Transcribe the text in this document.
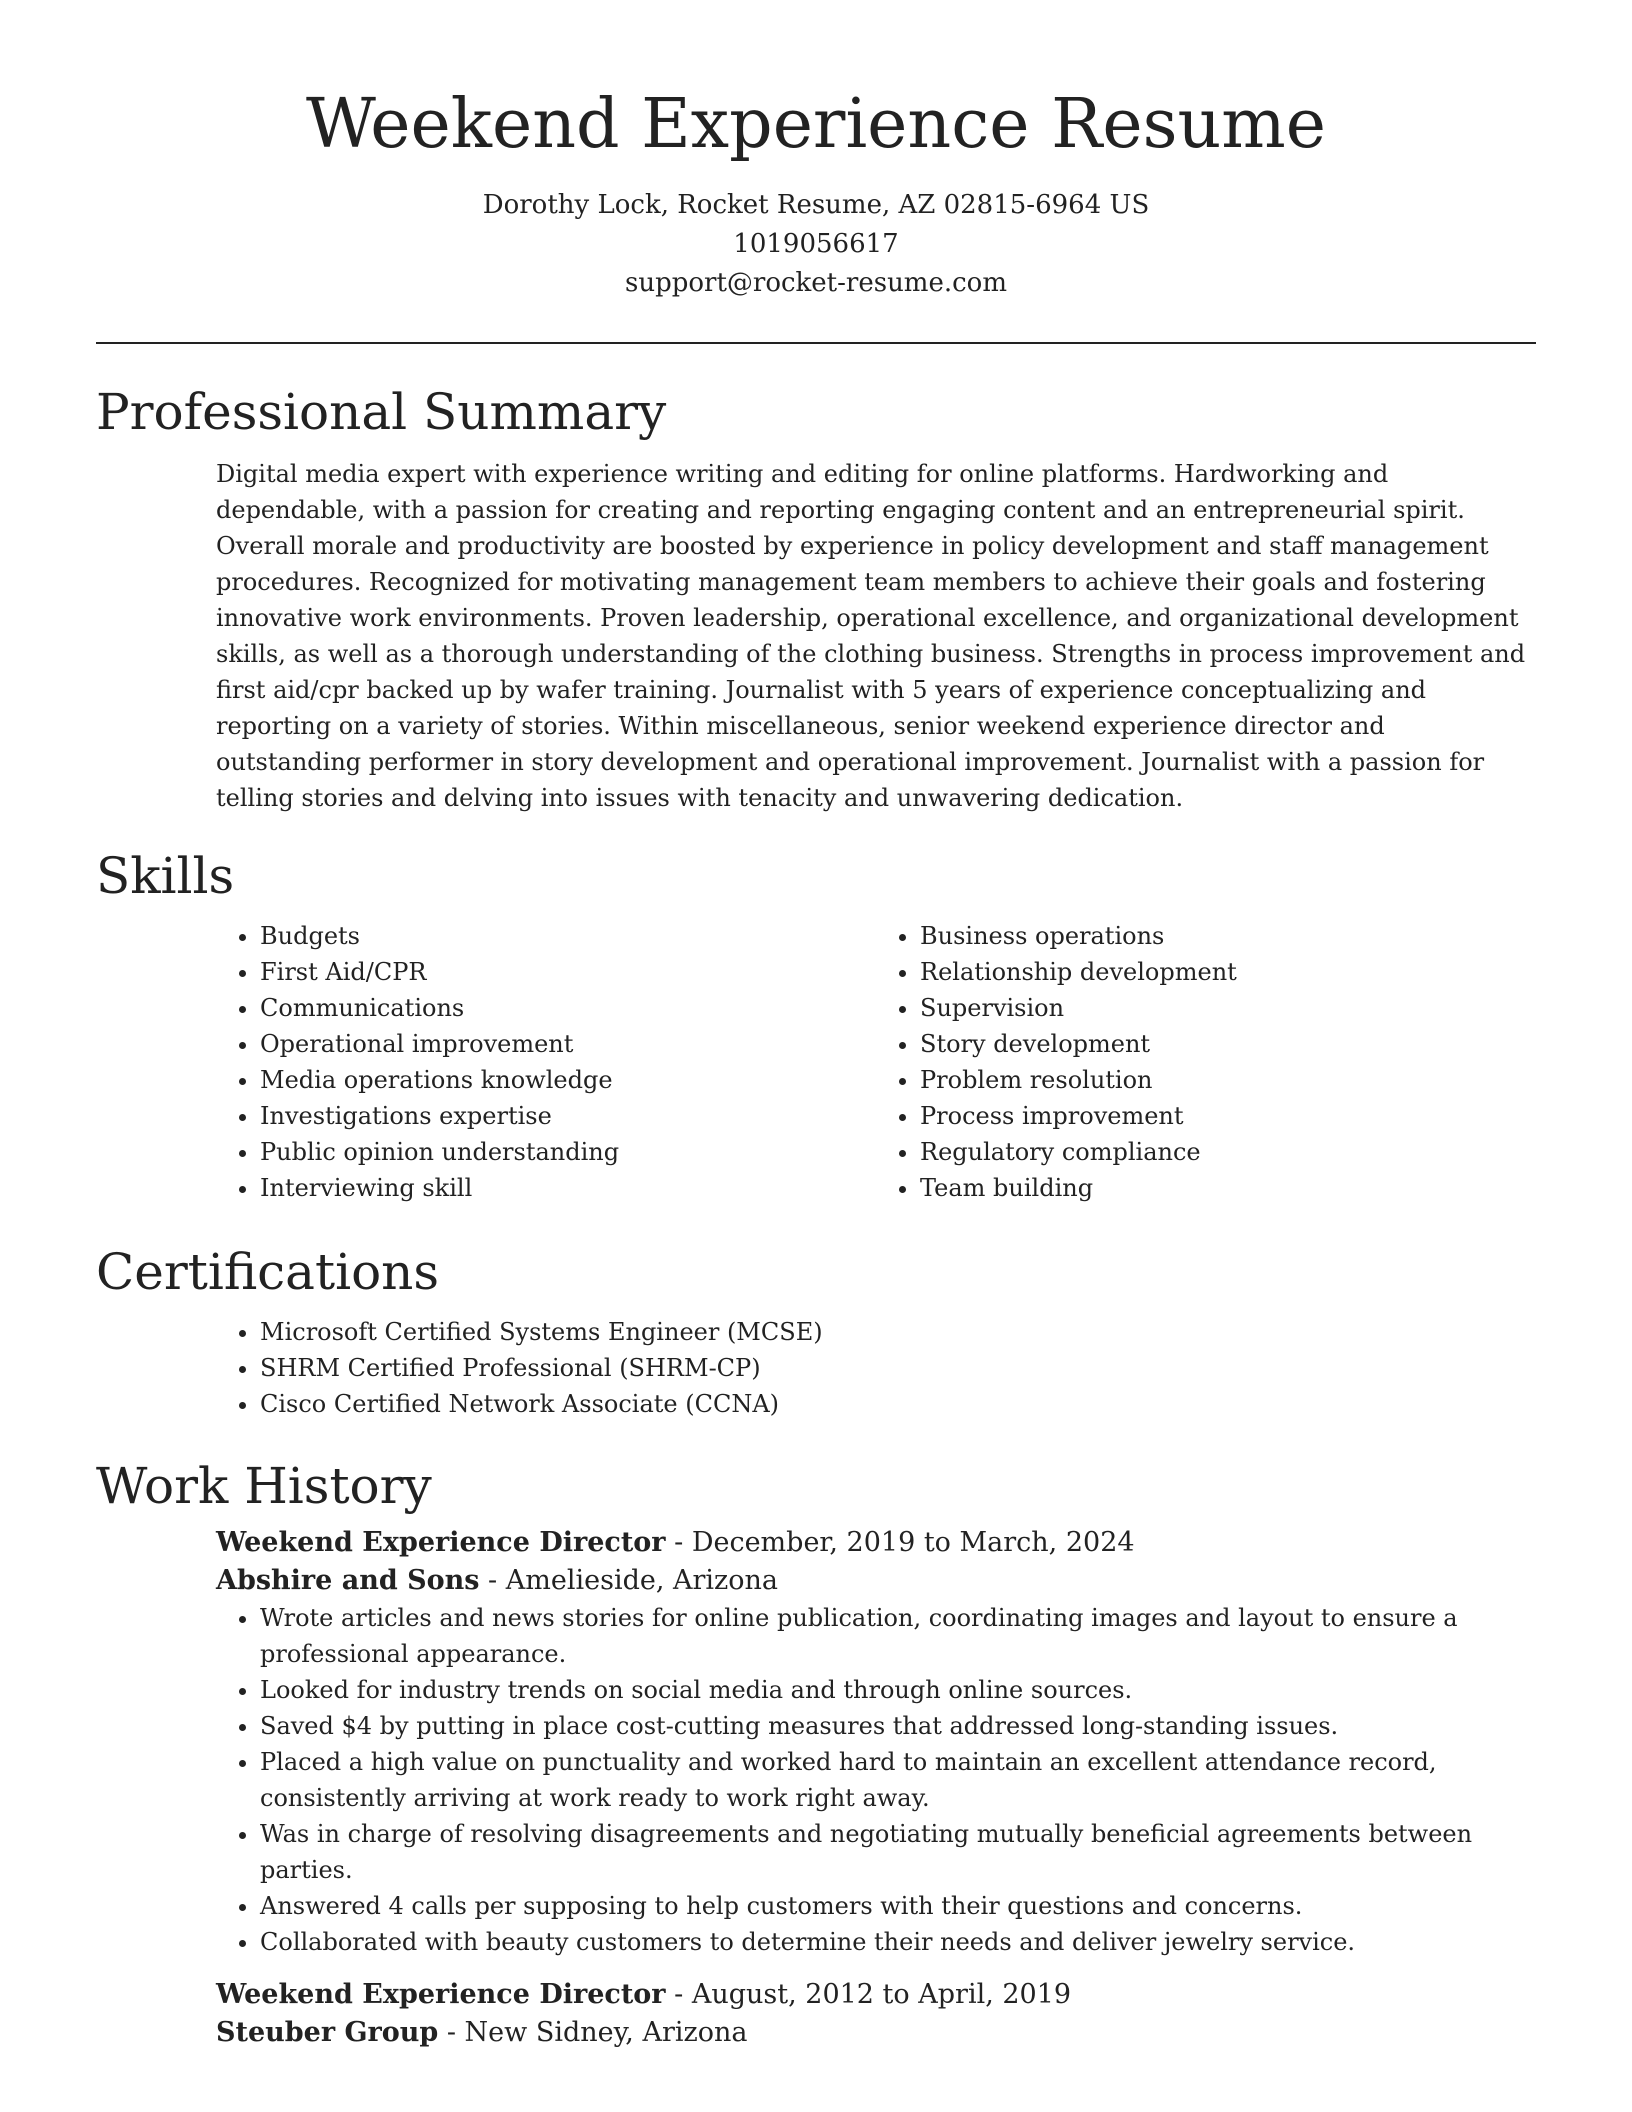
Weekend Experience Resume
Dorothy Lock, Rocket Resume, AZ 02815-6964 US
1019056617
support@rocket-resume.com
Professional Summary

Digital media expert with experience writing and editing for online platforms. Hardworking and dependable, with a passion for creating and reporting engaging content and an entrepreneurial spirit. Overall morale and productivity are boosted by experience in policy development and staff management procedures. Recognized for motivating management team members to achieve their goals and fostering innovative work environments. Proven leadership, operational excellence, and organizational development skills, as well as a thorough understanding of the clothing business. Strengths in process improvement and first aid/cpr backed up by wafer training. Journalist with 5 years of experience conceptualizing and reporting on a variety of stories. Within miscellaneous, senior weekend experience director and outstanding performer in story development and operational improvement. Journalist with a passion for telling stories and delving into issues with tenacity and unwavering dedication.

Skills
• Budgets
• First Aid/CPR
• Communications
• Operational improvement
• Media operations knowledge
• Investigations expertise
• Public opinion understanding
• Interviewing skill
• Business operations
• Relationship development
• Supervision
• Story development
• Problem resolution
• Process improvement
• Regulatory compliance
• Team building
Certifications
• Microsoft Certified Systems Engineer (MCSE)
• SHRM Certified Professional (SHRM-CP)
• Cisco Certified Network Associate (CCNA)
Work History
Weekend Experience Director - December, 2019 to March, 2024
Abshire and Sons - Amelieside, Arizona
• Wrote articles and news stories for online publication, coordinating images and layout to ensure a professional appearance.
• Looked for industry trends on social media and through online sources.
• Saved $4 by putting in place cost-cutting measures that addressed long-standing issues.
• Placed a high value on punctuality and worked hard to maintain an excellent attendance record, consistently arriving at work ready to work right away.
• Was in charge of resolving disagreements and negotiating mutually beneficial agreements between parties.
• Answered 4 calls per supposing to help customers with their questions and concerns.
• Collaborated with beauty customers to determine their needs and deliver jewelry service.
Weekend Experience Director - August, 2012 to April, 2019
Steuber Group - New Sidney, Arizona
